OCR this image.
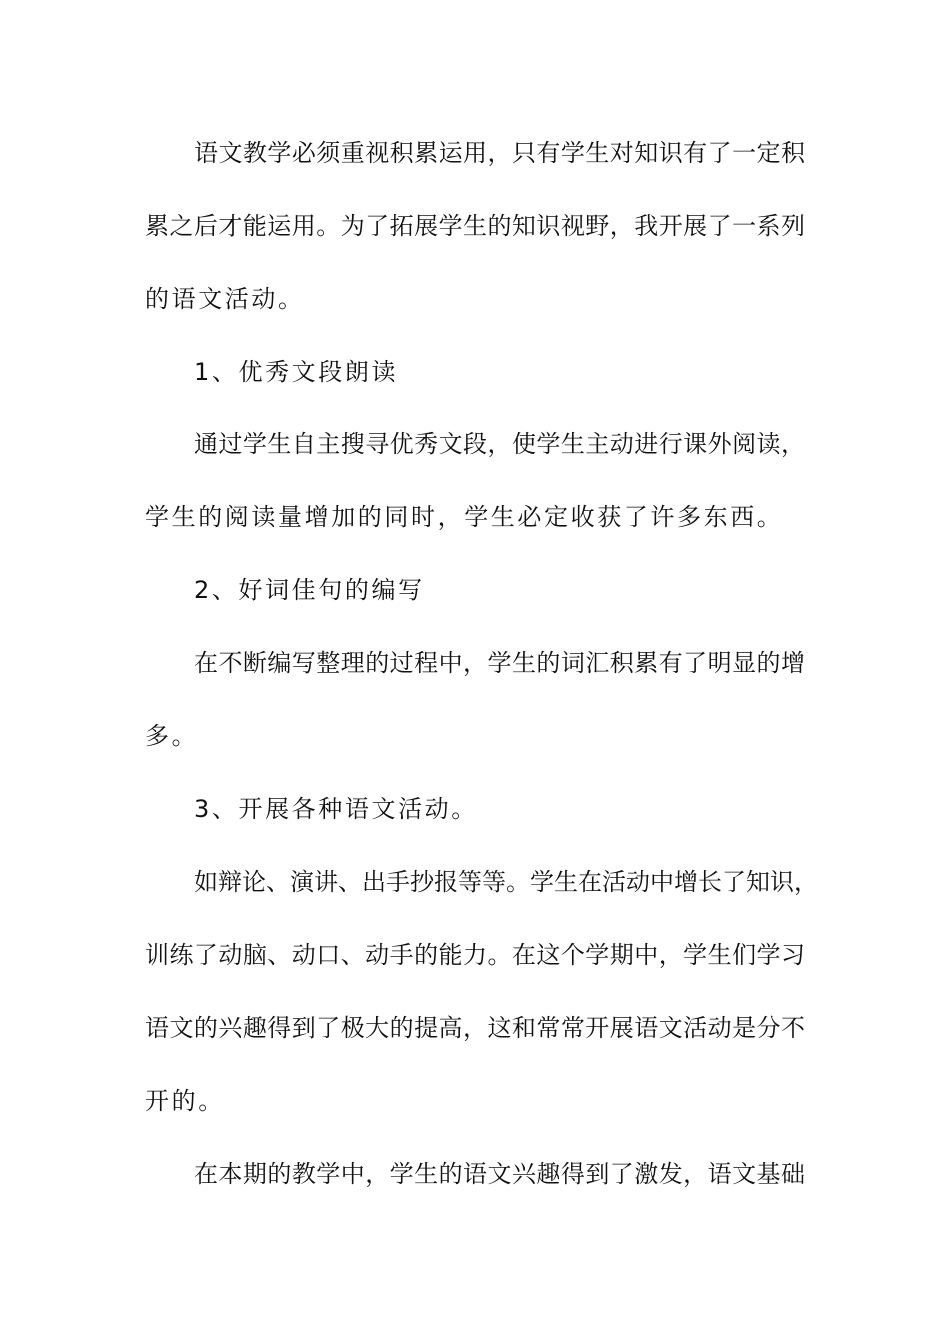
语文教学必须重视积累运用，只有学生对知识有了一定积
累之后才能运用。为了拓展学生的知识视野，我开展了一系列
的语文活动。
1、优秀文段朗读
通过学生自主搜寻优秀文段，使学生主动进行课外阅读，
学生的阅读量增加的同时，学生必定收获了许多东西。
2、好词佳句的编写
在不断编写整理的过程中，学生的词汇积累有了明显的增
多。
3、开展各种语文活动。
如辩论、演讲、出手抄报等等。学生在活动中增长了知识，
训练了动脑、动口、动手的能力。在这个学期中，学生们学习
语文的兴趣得到了极大的提高，这和常常开展语文活动是分不
开的。
在本期的教学中，学生的语文兴趣得到了激发，语文基础
